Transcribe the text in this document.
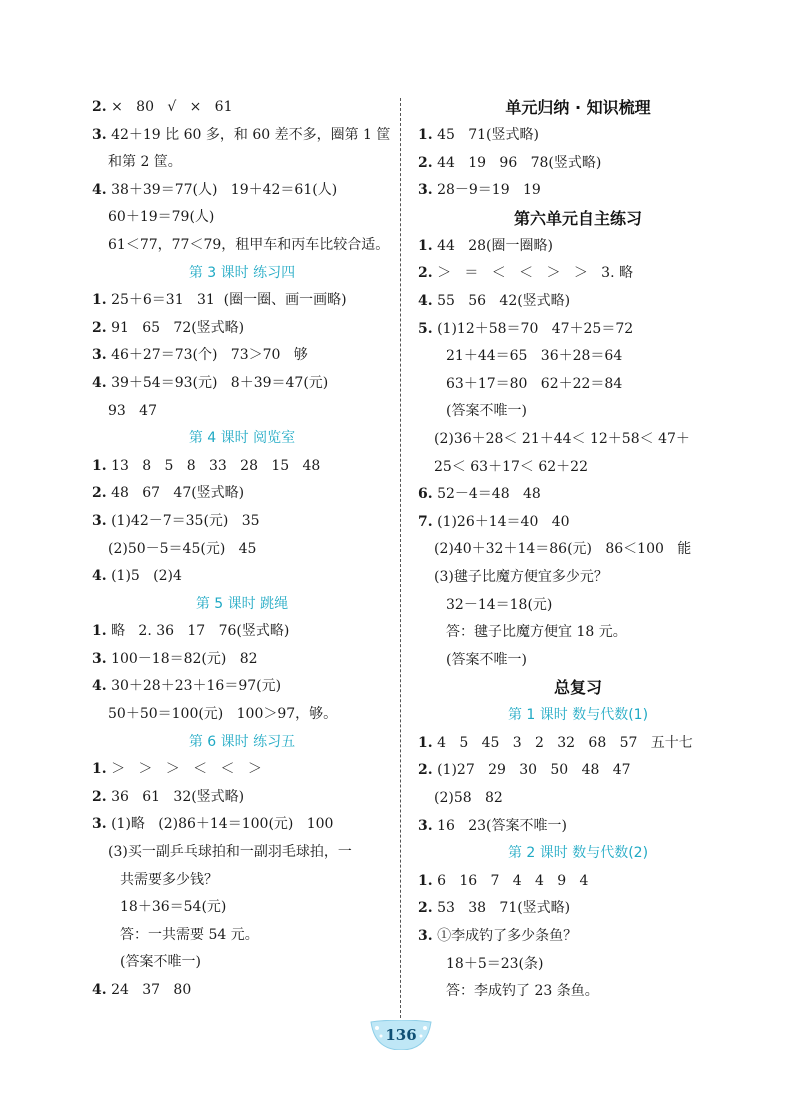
2. ×   80   √   ×   61
3. 42＋19 比 60 多，和 60 差不多，圈第 1 筐
和第 2 筐。
4. 38＋39＝77(人)   19＋42＝61(人)
60＋19＝79(人)
61＜77，77＜79，租甲车和丙车比较合适。
第 3 课时 练习四
1. 25＋6＝31   31  (圈一圈、画一画略)
2. 91   65   72(竖式略)
3. 46＋27＝73(个)   73＞70   够
4. 39＋54＝93(元)   8＋39＝47(元)
93   47
第 4 课时 阅览室
1. 13   8   5   8   33   28   15   48
2. 48   67   47(竖式略)
3. (1)42－7＝35(元)   35
(2)50－5＝45(元)   45
4. (1)5   (2)4
第 5 课时 跳绳
1. 略   2. 36   17   76(竖式略)
3. 100－18＝82(元)   82
4. 30＋28＋23＋16＝97(元)
50＋50＝100(元)   100＞97，够。
第 6 课时 练习五
1. ＞   ＞   ＞   ＜   ＜   ＞
2. 36   61   32(竖式略)
3. (1)略   (2)86＋14＝100(元)   100
(3)买一副乒乓球拍和一副羽毛球拍，一
共需要多少钱？
18＋36＝54(元)
答：一共需要 54 元。
(答案不唯一)
4. 24   37   80
单元归纳 · 知识梳理
1. 45   71(竖式略)
2. 44   19   96   78(竖式略)
3. 28－9＝19   19
第六单元自主练习
1. 44   28(圈一圈略)
2. ＞   ＝   ＜   ＜   ＞   ＞   3. 略
4. 55   56   42(竖式略)
5. (1)12＋58＝70   47＋25＝72
21＋44＝65   36＋28＝64
63＋17＝80   62＋22＝84
(答案不唯一)
(2)36＋28＜ 21＋44＜ 12＋58＜ 47＋
25＜ 63＋17＜ 62＋22
6. 52－4＝48   48
7. (1)26＋14＝40   40
(2)40＋32＋14＝86(元)   86＜100   能
(3)毽子比魔方便宜多少元？
32－14＝18(元)
答：毽子比魔方便宜 18 元。
(答案不唯一)
总复习
第 1 课时 数与代数(1)
1. 4   5   45   3   2   32   68   57   五十七
2. (1)27   29   30   50   48   47
(2)58   82
3. 16   23(答案不唯一)
第 2 课时 数与代数(2)
1. 6   16   7   4   4   9   4
2. 53   38   71(竖式略)
3. ①李成钓了多少条鱼？
18＋5＝23(条)
答：李成钓了 23 条鱼。
136
